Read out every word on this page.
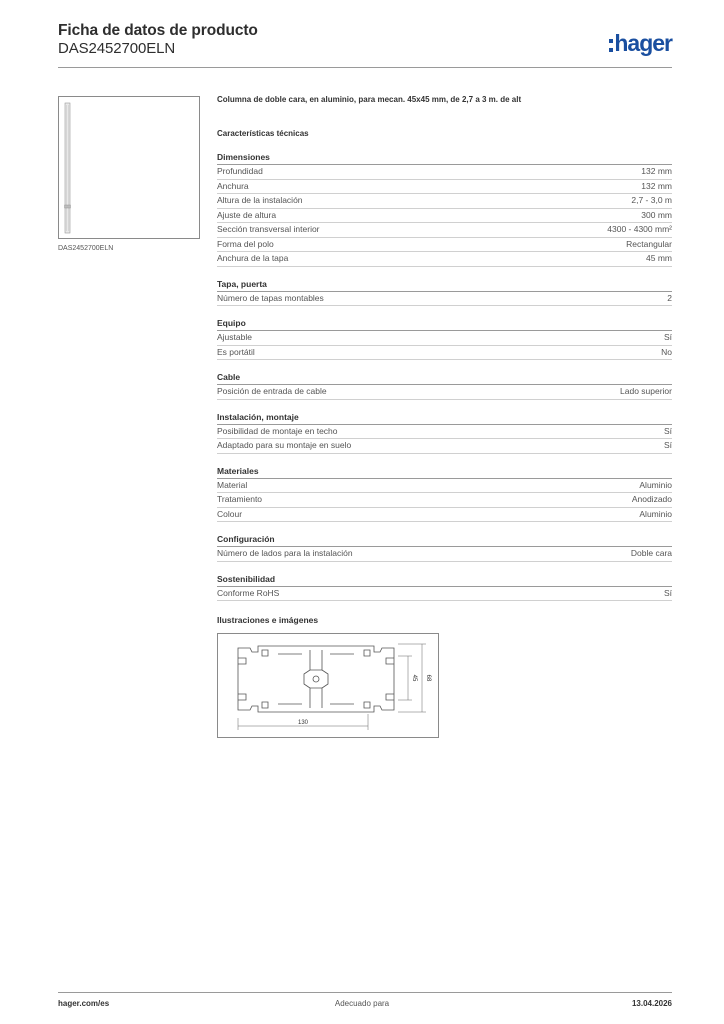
Ficha de datos de producto
DAS2452700ELN	hager
DAS2452700ELN
Columna de doble cara, en aluminio, para mecan. 45x45 mm, de 2,7 a 3 m. de alt
Características técnicas
Dimensiones
Profundidad	132 mm
Anchura	132 mm
Altura de la instalación	2,7 - 3,0 m
Ajuste de altura	300 mm
Sección transversal interior	4300 - 4300 mm²
Forma del polo	Rectangular
Anchura de la tapa	45 mm
Tapa, puerta
Número de tapas montables	2
Equipo
Ajustable	Sí
Es portátil	No
Cable
Posición de entrada de cable	Lado superior
Instalación, montaje
Posibilidad de montaje en techo	Sí
Adaptado para su montaje en suelo	Sí
Materiales
Material	Aluminio
Tratamiento	Anodizado
Colour	Aluminio
Configuración
Número de lados para la instalación	Doble cara
Sostenibilidad
Conforme RoHS	Sí
Ilustraciones e imágenes
130
45 68
hager.com/es	Adecuado para	13.04.2026
